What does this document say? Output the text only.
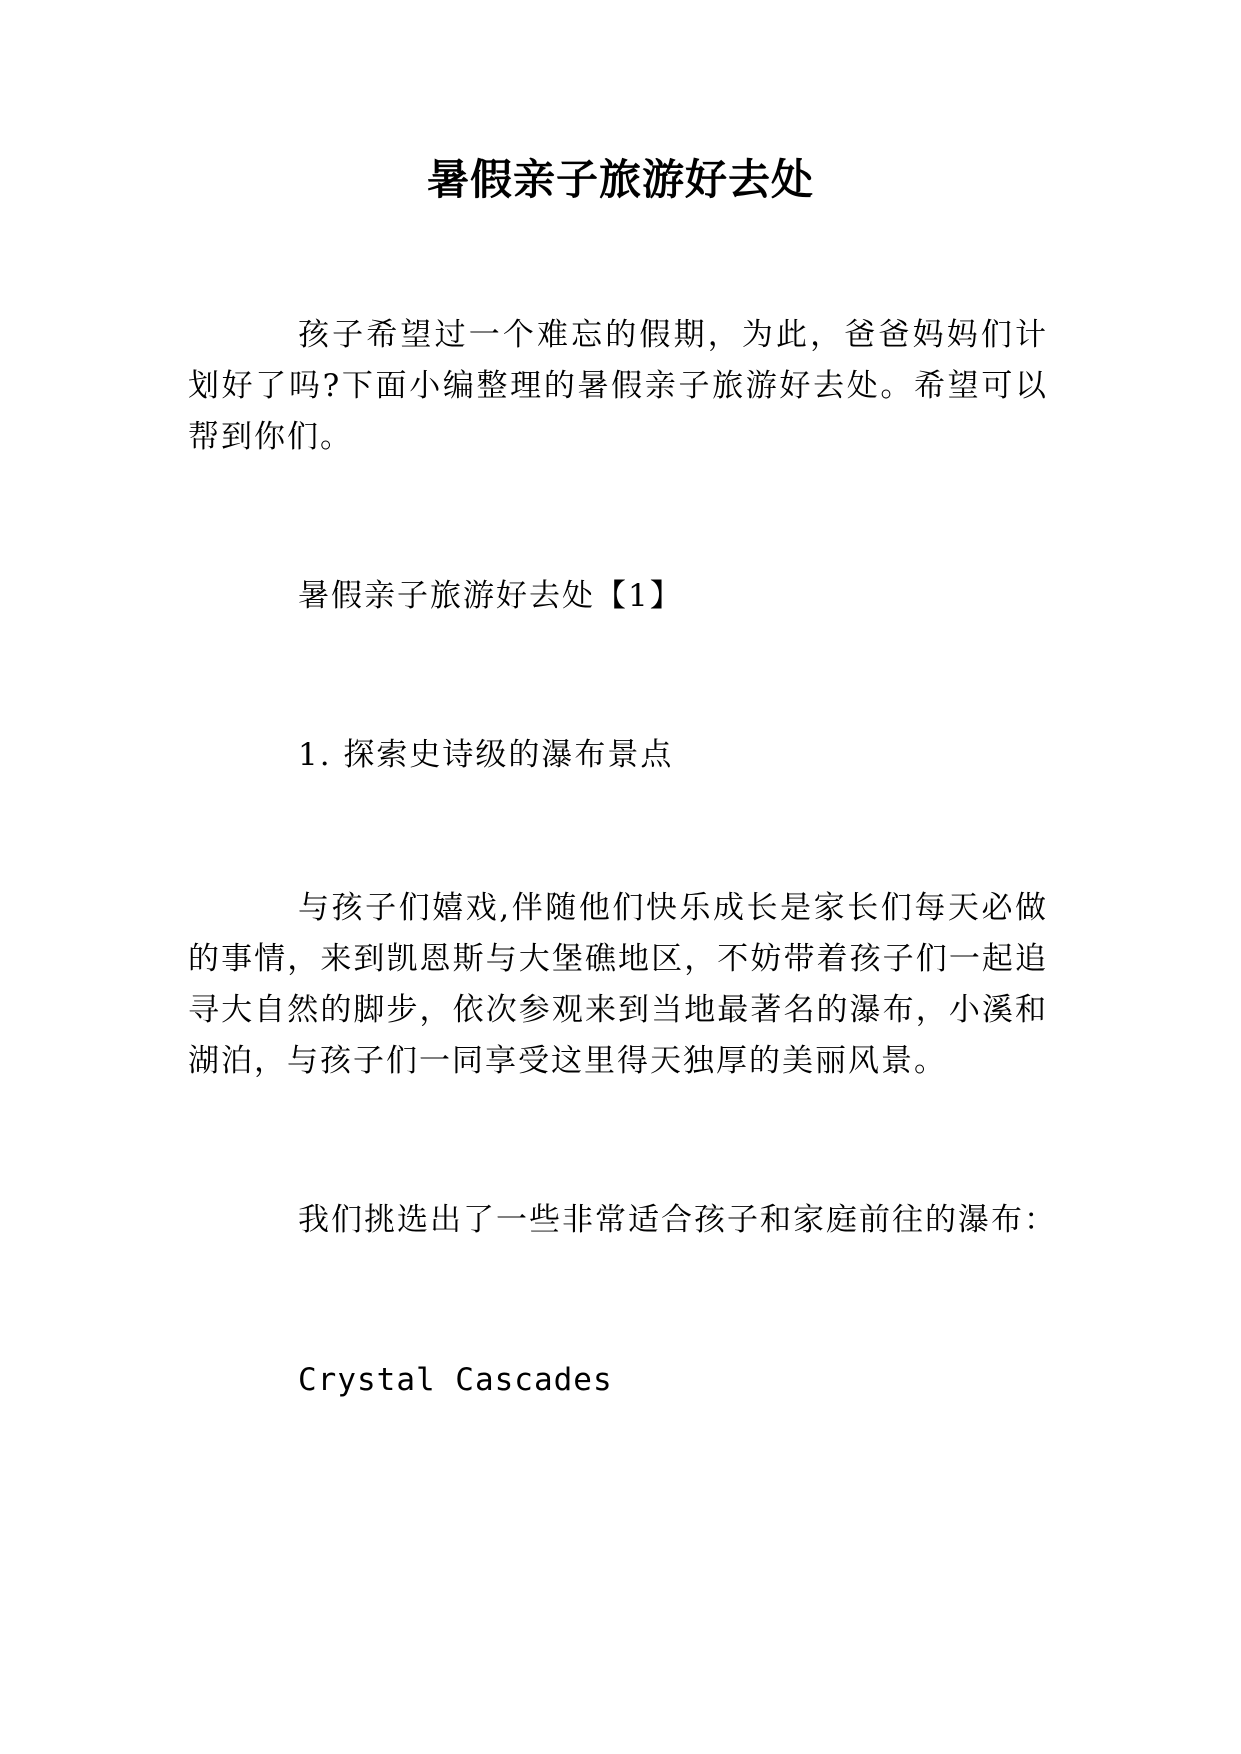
暑假亲子旅游好去处

孩子希望过一个难忘的假期，为此，爸爸妈妈们计划好了吗?下面小编整理的暑假亲子旅游好去处。希望可以帮到你们。

暑假亲子旅游好去处【1】

1. 探索史诗级的瀑布景点

与孩子们嬉戏,伴随他们快乐成长是家长们每天必做的事情，来到凯恩斯与大堡礁地区，不妨带着孩子们一起追寻大自然的脚步，依次参观来到当地最著名的瀑布，小溪和湖泊，与孩子们一同享受这里得天独厚的美丽风景。

我们挑选出了一些非常适合孩子和家庭前往的瀑布：

Crystal Cascades
